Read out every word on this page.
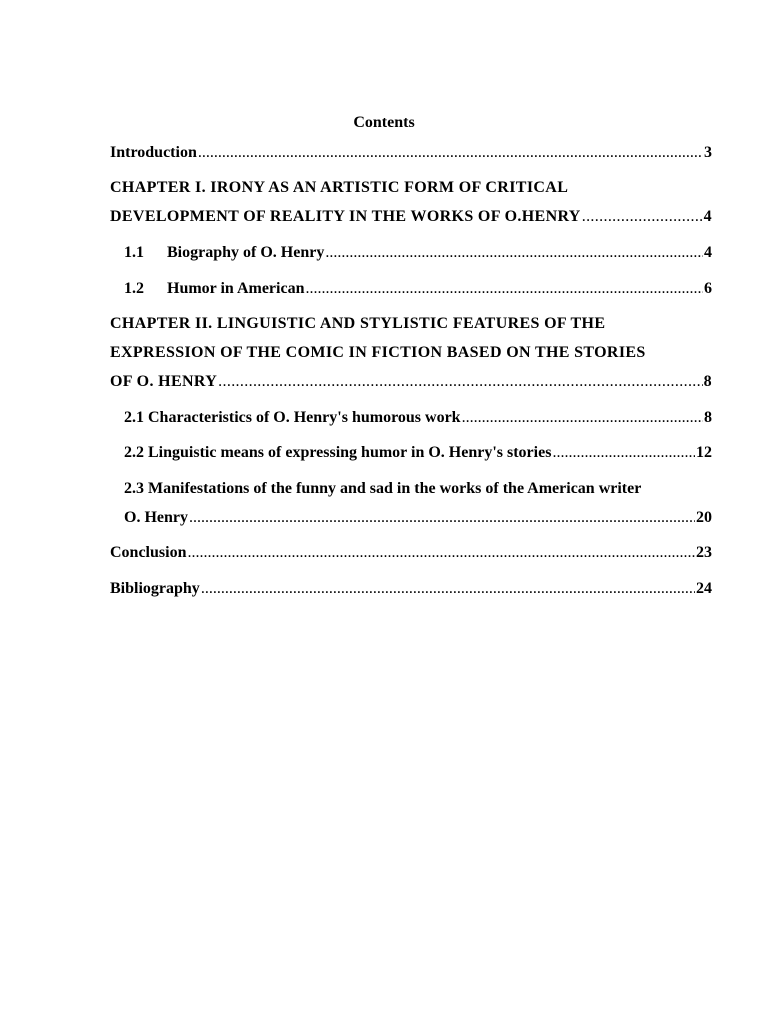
Contents
Introduction .....	3
CHAPTER I. IRONY AS AN ARTISTIC FORM OF CRITICAL
DEVELOPMENT OF REALITY IN THE WORKS OF O.HENRY .....	4
1.1 Biography of O. Henry .....	4
1.2 Humor in American .....	6
CHAPTER II. LINGUISTIC AND STYLISTIC FEATURES OF THE
EXPRESSION OF THE COMIC IN FICTION BASED ON THE STORIES
OF O. HENRY .....	8
2.1 Characteristics of O. Henry's humorous work .....	8
2.2 Linguistic means of expressing humor in O. Henry's stories .....	12
2.3 Manifestations of the funny and sad in the works of the American writer
O. Henry .....	20
Conclusion .....	23
Bibliography .....	24
